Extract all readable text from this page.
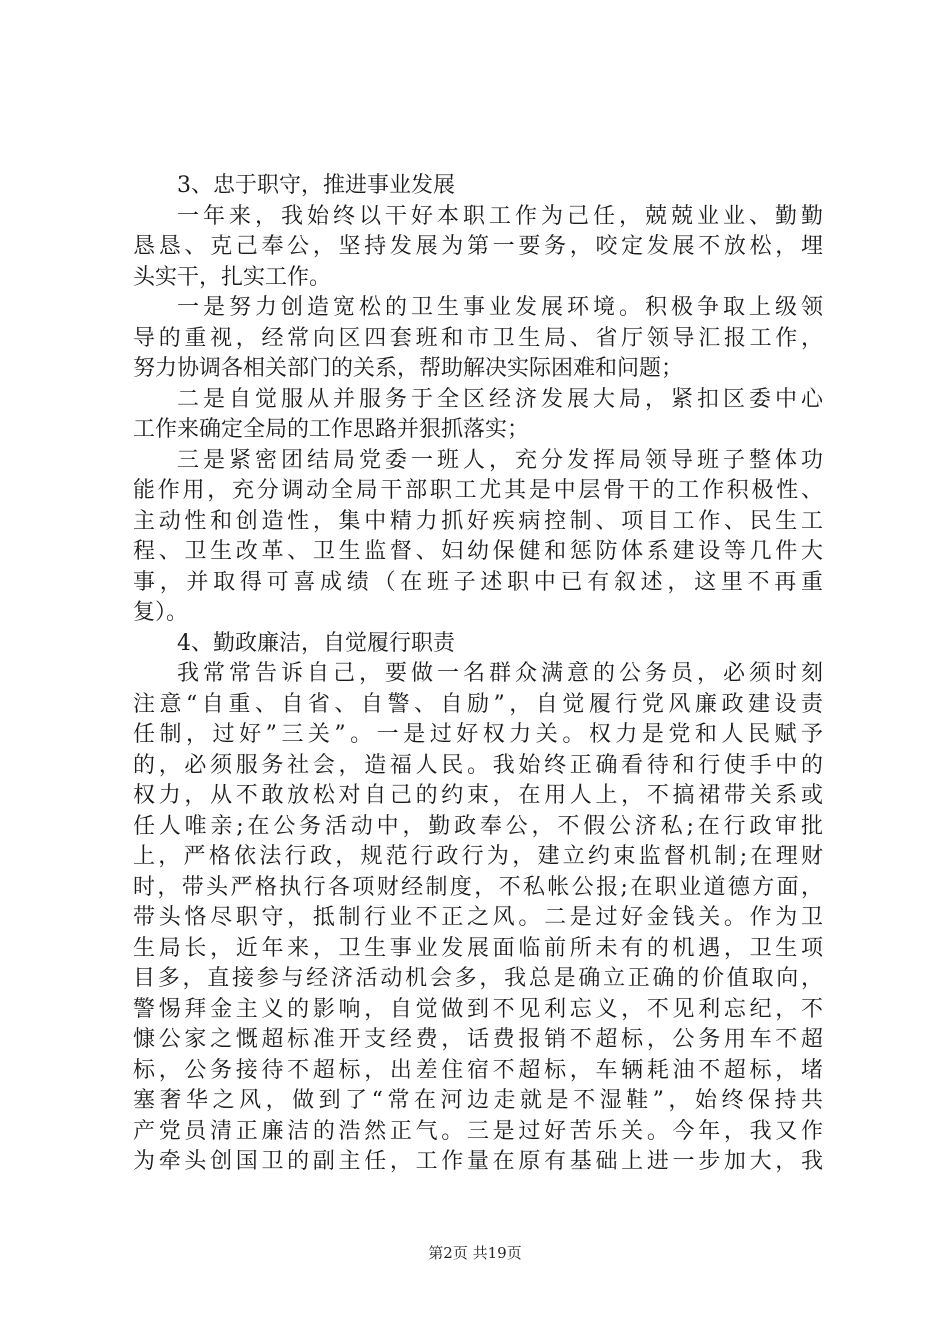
3、忠于职守，推进事业发展
一年来，我始终以干好本职工作为己任，兢兢业业、勤勤
恳恳、克己奉公，坚持发展为第一要务，咬定发展不放松，埋
头实干，扎实工作。
一是努力创造宽松的卫生事业发展环境。积极争取上级领
导的重视，经常向区四套班和市卫生局、省厅领导汇报工作，
努力协调各相关部门的关系，帮助解决实际困难和问题；
二是自觉服从并服务于全区经济发展大局，紧扣区委中心
工作来确定全局的工作思路并狠抓落实；
三是紧密团结局党委一班人，充分发挥局领导班子整体功
能作用，充分调动全局干部职工尤其是中层骨干的工作积极性、
主动性和创造性，集中精力抓好疾病控制、项目工作、民生工
程、卫生改革、卫生监督、妇幼保健和惩防体系建设等几件大
事，并取得可喜成绩（在班子述职中已有叙述，这里不再重
复）。
4、勤政廉洁，自觉履行职责
我常常告诉自己，要做一名群众满意的公务员，必须时刻
注意“自重、自省、自警、自励”，自觉履行党风廉政建设责
任制，过好”三关”。一是过好权力关。权力是党和人民赋予
的，必须服务社会，造福人民。我始终正确看待和行使手中的
权力，从不敢放松对自己的约束，在用人上，不搞裙带关系或
任人唯亲;在公务活动中，勤政奉公，不假公济私;在行政审批
上，严格依法行政，规范行政行为，建立约束监督机制;在理财
时，带头严格执行各项财经制度，不私帐公报;在职业道德方面，
带头恪尽职守，抵制行业不正之风。二是过好金钱关。作为卫
生局长，近年来，卫生事业发展面临前所未有的机遇，卫生项
目多，直接参与经济活动机会多，我总是确立正确的价值取向，
警惕拜金主义的影响，自觉做到不见利忘义，不见利忘纪，不
慷公家之慨超标准开支经费，话费报销不超标，公务用车不超
标，公务接待不超标，出差住宿不超标，车辆耗油不超标，堵
塞奢华之风，做到了“常在河边走就是不湿鞋”，始终保持共
产党员清正廉洁的浩然正气。三是过好苦乐关。今年，我又作
为牵头创国卫的副主任，工作量在原有基础上进一步加大，我
第2页 共19页
